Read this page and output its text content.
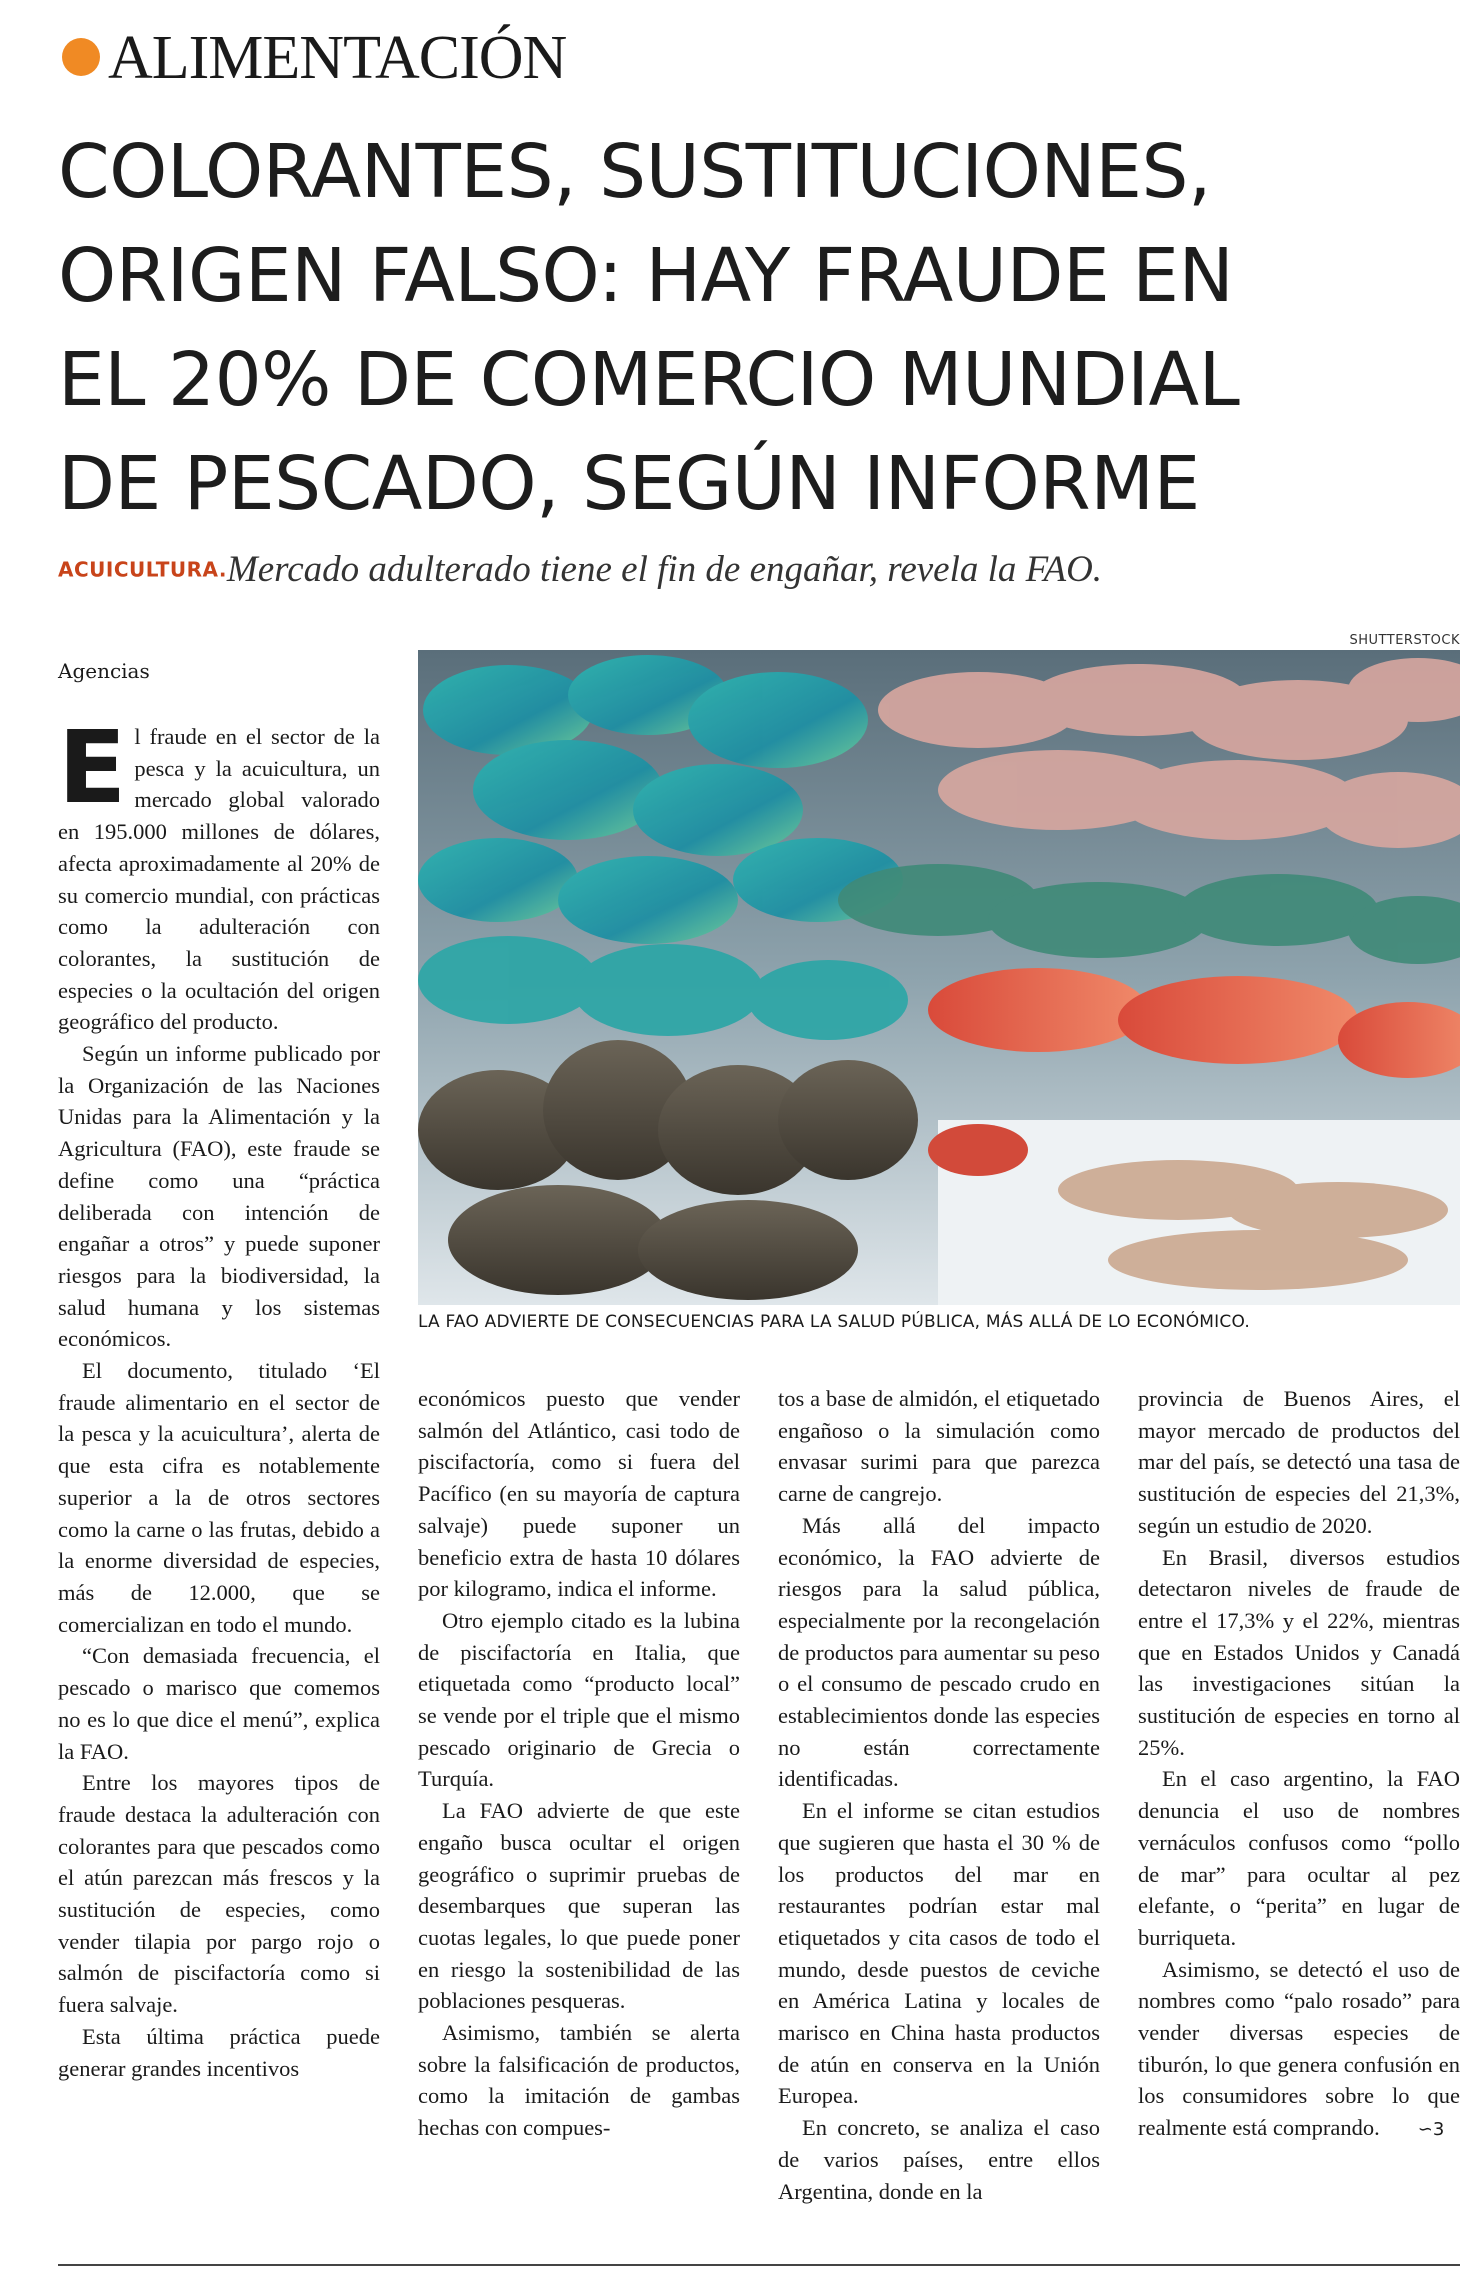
ALIMENTACIÓN
COLORANTES, SUSTITUCIONES,
ORIGEN FALSO: HAY FRAUDE EN
EL 20% DE COMERCIO MUNDIAL
DE PESCADO, SEGÚN INFORME
ACUICULTURA.Mercado adulterado tiene el fin de engañar, revela la FAO.
SHUTTERSTOCK
LA FAO ADVIERTE DE CONSECUENCIAS PARA LA SALUD PÚBLICA, MÁS ALLÁ DE LO ECONÓMICO.
Agencias

El fraude en el sector de la pesca y la acuicultura, un mercado global valorado en 195.000 millones de dólares, afecta aproximadamente al 20% de su comercio mundial, con prácticas como la adulteración con colorantes, la sustitución de especies o la ocultación del origen geográfico del producto.

Según un informe publicado por la Organización de las Naciones Unidas para la Alimentación y la Agricultura (FAO), este fraude se define como una “práctica deliberada con intención de engañar a otros” y puede suponer riesgos para la biodiversidad, la salud humana y los sistemas económicos.

El documento, titulado ‘El fraude alimentario en el sector de la pesca y la acuicultura’, alerta de que esta cifra es notablemente superior a la de otros sectores como la carne o las frutas, debido a la enorme diversidad de especies, más de 12.000, que se comercializan en todo el mundo.

“Con demasiada frecuencia, el pescado o marisco que comemos no es lo que dice el menú”, explica la FAO.

Entre los mayores tipos de fraude destaca la adulteración con colorantes para que pescados como el atún parezcan más frescos y la sustitución de especies, como vender tilapia por pargo rojo o salmón de piscifactoría como si fuera salvaje.

Esta última práctica puede generar grandes incentivos

económicos puesto que vender salmón del Atlántico, casi todo de piscifactoría, como si fuera del Pacífico (en su mayoría de captura salvaje) puede suponer un beneficio extra de hasta 10 dólares por kilogramo, indica el informe.

Otro ejemplo citado es la lubina de piscifactoría en Italia, que etiquetada como “producto local” se vende por el triple que el mismo pescado originario de Grecia o Turquía.

La FAO advierte de que este engaño busca ocultar el origen geográfico o suprimir pruebas de desembarques que superan las cuotas legales, lo que puede poner en riesgo la sostenibilidad de las poblaciones pesqueras.

Asimismo, también se alerta sobre la falsificación de productos, como la imitación de gambas hechas con compues-

tos a base de almidón, el etiquetado engañoso o la simulación como envasar surimi para que parezca carne de cangrejo.

Más allá del impacto económico, la FAO advierte de riesgos para la salud pública, especialmente por la recongelación de productos para aumentar su peso o el consumo de pescado crudo en establecimientos donde las especies no están correctamente identificadas.

En el informe se citan estudios que sugieren que hasta el 30 % de los productos del mar en restaurantes podrían estar mal etiquetados y cita casos de todo el mundo, desde puestos de ceviche en América Latina y locales de marisco en China hasta productos de atún en conserva en la Unión Europea.

En concreto, se analiza el caso de varios países, entre ellos Argentina, donde en la

provincia de Buenos Aires, el mayor mercado de productos del mar del país, se detectó una tasa de sustitución de especies del 21,3%, según un estudio de 2020.

En Brasil, diversos estudios detectaron niveles de fraude de entre el 17,3% y el 22%, mientras que en Estados Unidos y Canadá las investigaciones sitúan la sustitución de especies en torno al 25%.

En el caso argentino, la FAO denuncia el uso de nombres vernáculos confusos como “pollo de mar” para ocultar al pez elefante, o “perita” en lugar de burriqueta.

Asimismo, se detectó el uso de nombres como “palo rosado” para vender diversas especies de tiburón, lo que genera confusión en los consumidores sobre lo que realmente está comprando. ∽3
